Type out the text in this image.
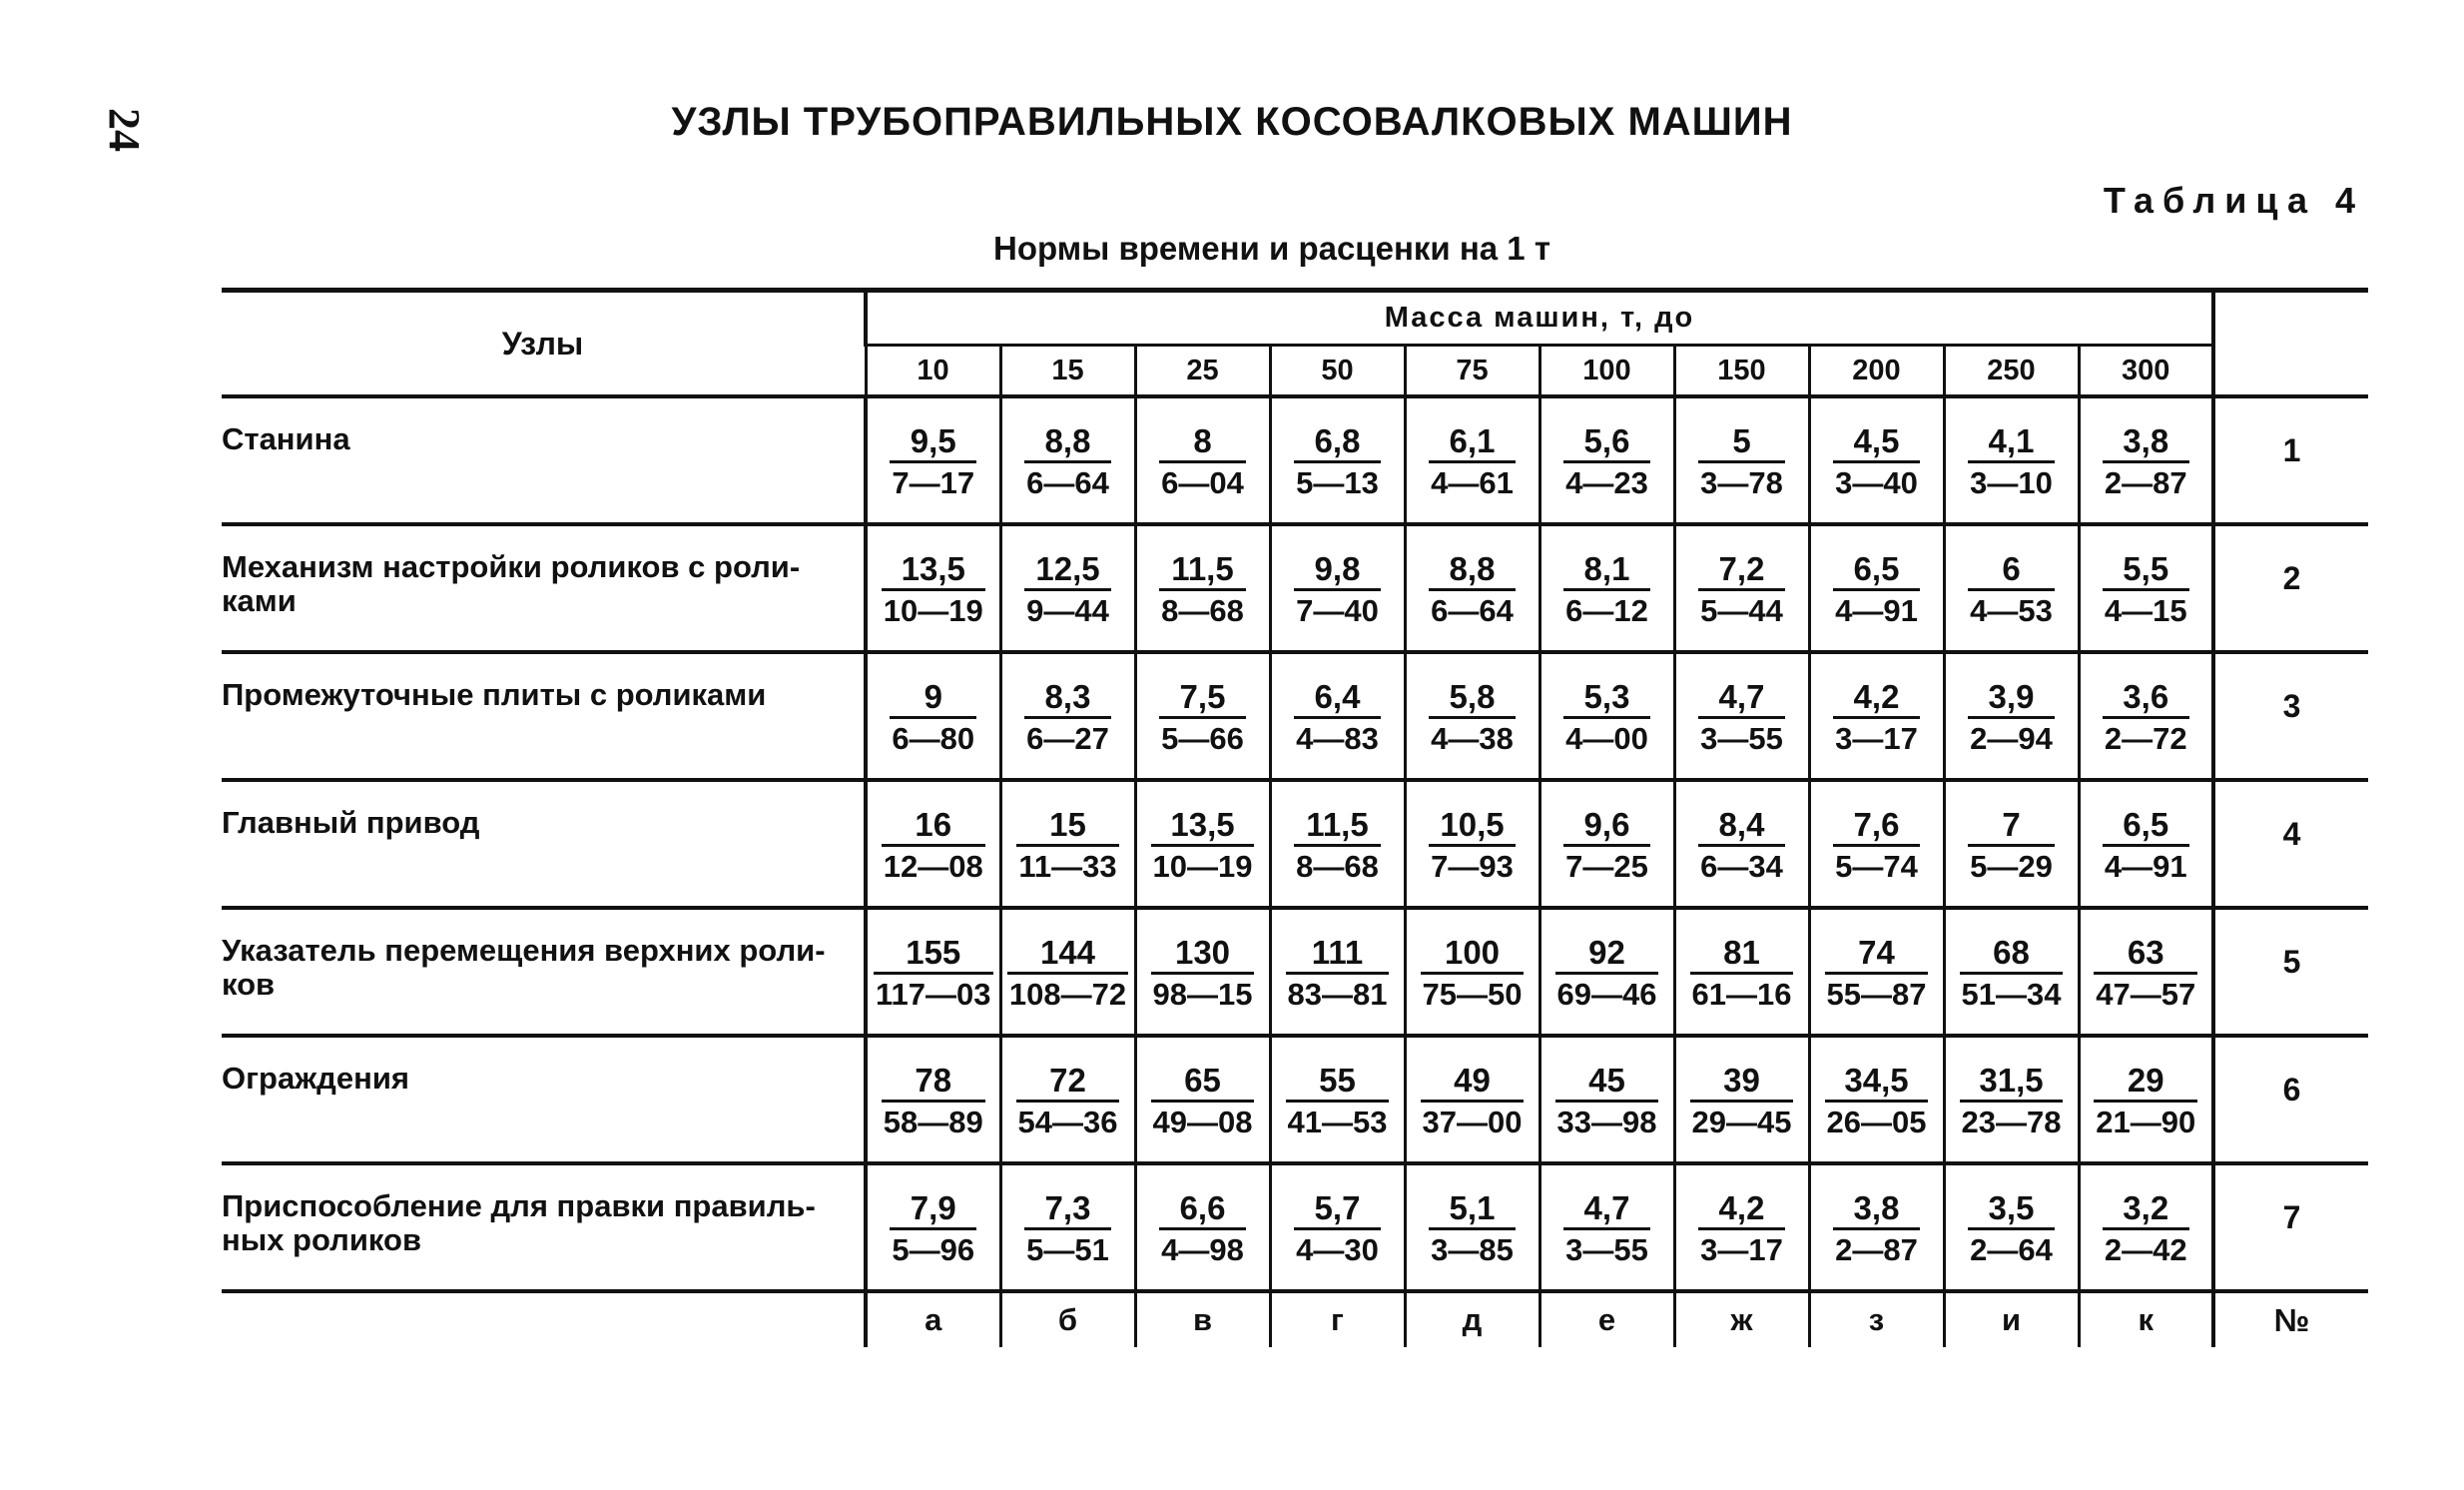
24	УЗЛЫ ТРУБОПРАВИЛЬНЫХ КОСОВАЛКОВЫХ МАШИН
Таблица 4
Нормы времени и расценки на 1 т
Узлы	Масса машин, т, до										
	10	15	25	50	75	100	150	200	250	300	
Станина	$\frac{9,5}{7—17}$	$\frac{8,8}{6—64}$	$\frac{8}{6—04}$	$\frac{6,8}{5—13}$	$\frac{6,1}{4—61}$	$\frac{5,6}{4—23}$	$\frac{5}{3—78}$	$\frac{4,5}{3—40}$	$\frac{4,1}{3—10}$	$\frac{3,8}{2—87}$	1
Механизм настройки роликов с роли-
ками	$\frac{13,5}{10—19}$	$\frac{12,5}{9—44}$	$\frac{11,5}{8—68}$	$\frac{9,8}{7—40}$	$\frac{8,8}{6—64}$	$\frac{8,1}{6—12}$	$\frac{7,2}{5—44}$	$\frac{6,5}{4—91}$	$\frac{6}{4—53}$	$\frac{5,5}{4—15}$	2
Промежуточные плиты с роликами	$\frac{9}{6—80}$	$\frac{8,3}{6—27}$	$\frac{7,5}{5—66}$	$\frac{6,4}{4—83}$	$\frac{5,8}{4—38}$	$\frac{5,3}{4—00}$	$\frac{4,7}{3—55}$	$\frac{4,2}{3—17}$	$\frac{3,9}{2—94}$	$\frac{3,6}{2—72}$	3
Главный привод	$\frac{16}{12—08}$	$\frac{15}{11—33}$	$\frac{13,5}{10—19}$	$\frac{11,5}{8—68}$	$\frac{10,5}{7—93}$	$\frac{9,6}{7—25}$	$\frac{8,4}{6—34}$	$\frac{7,6}{5—74}$	$\frac{7}{5—29}$	$\frac{6,5}{4—91}$	4
Указатель перемещения верхних роли-
ков	$\frac{155}{117—03}$	$\frac{144}{108—72}$	$\frac{130}{98—15}$	$\frac{111}{83—81}$	$\frac{100}{75—50}$	$\frac{92}{69—46}$	$\frac{81}{61—16}$	$\frac{74}{55—87}$	$\frac{68}{51—34}$	$\frac{63}{47—57}$	5
Ограждения	$\frac{78}{58—89}$	$\frac{72}{54—36}$	$\frac{65}{49—08}$	$\frac{55}{41—53}$	$\frac{49}{37—00}$	$\frac{45}{33—98}$	$\frac{39}{29—45}$	$\frac{34,5}{26—05}$	$\frac{31,5}{23—78}$	$\frac{29}{21—90}$	6
Приспособление для правки правиль-
ных роликов	$\frac{7,9}{5—96}$	$\frac{7,3}{5—51}$	$\frac{6,6}{4—98}$	$\frac{5,7}{4—30}$	$\frac{5,1}{3—85}$	$\frac{4,7}{3—55}$	$\frac{4,2}{3—17}$	$\frac{3,8}{2—87}$	$\frac{3,5}{2—64}$	$\frac{3,2}{2—42}$	7
	а	б	в	г	д	е	ж	з	и	к	№
